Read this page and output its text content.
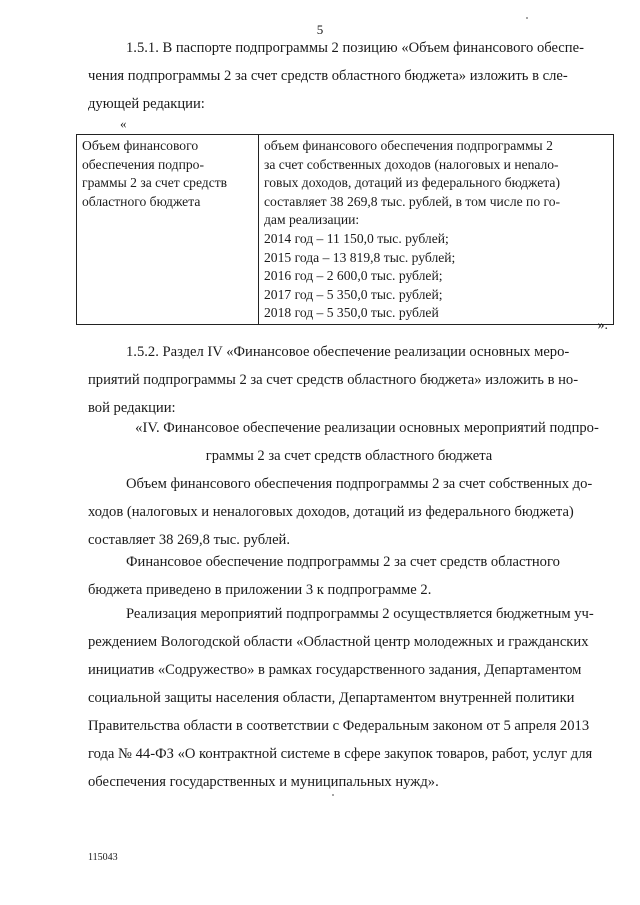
5

1.5.1. В паспорте подпрограммы 2 позицию «Объем финансового обеспе-
чения подпрограммы 2 за счет средств областного бюджета» изложить в сле-
дующей редакции:

«
Объем финансового
обеспечения подпро-
граммы 2 за счет средств
областного бюджета

объем финансового обеспечения подпрограммы 2
за счет собственных доходов (налоговых и нenaло-
говых доходов, дотаций из федерального бюджета)
составляет 38 269,8 тыс. рублей, в том числе по го-
дам реализации:
2014 год – 11 150,0 тыс. рублей;
2015 года – 13 819,8 тыс. рублей;
2016 год – 2 600,0 тыс. рублей;
2017 год – 5 350,0 тыс. рублей;
2018 год – 5 350,0 тыс. рублей
».

1.5.2. Раздел IV «Финансовое обеспечение реализации основных меро-
приятий подпрограммы 2 за счет средств областного бюджета» изложить в но-
вой редакции:

«IV. Финансовое обеспечение реализации основных мероприятий подпро-
граммы 2 за счет средств областного бюджета

Объем финансового обеспечения подпрограммы 2 за счет собственных до-
ходов (налоговых и неналоговых доходов, дотаций из федерального бюджета)
составляет 38 269,8 тыс. рублей.

Финансовое обеспечение подпрограммы 2 за счет средств областного
бюджета приведено в приложении 3 к подпрограмме 2.

Реализация мероприятий подпрограммы 2 осуществляется бюджетным уч-
реждением Вологодской области «Областной центр молодежных и гражданских
инициатив «Содружество» в рамках государственного задания, Департаментом
социальной защиты населения области, Департаментом внутренней политики
Правительства области в соответствии с Федеральным законом от 5 апреля 2013
года № 44-ФЗ «О контрактной системе в сфере закупок товаров, работ, услуг для
обеспечения государственных и муниципальных нужд».

115043
